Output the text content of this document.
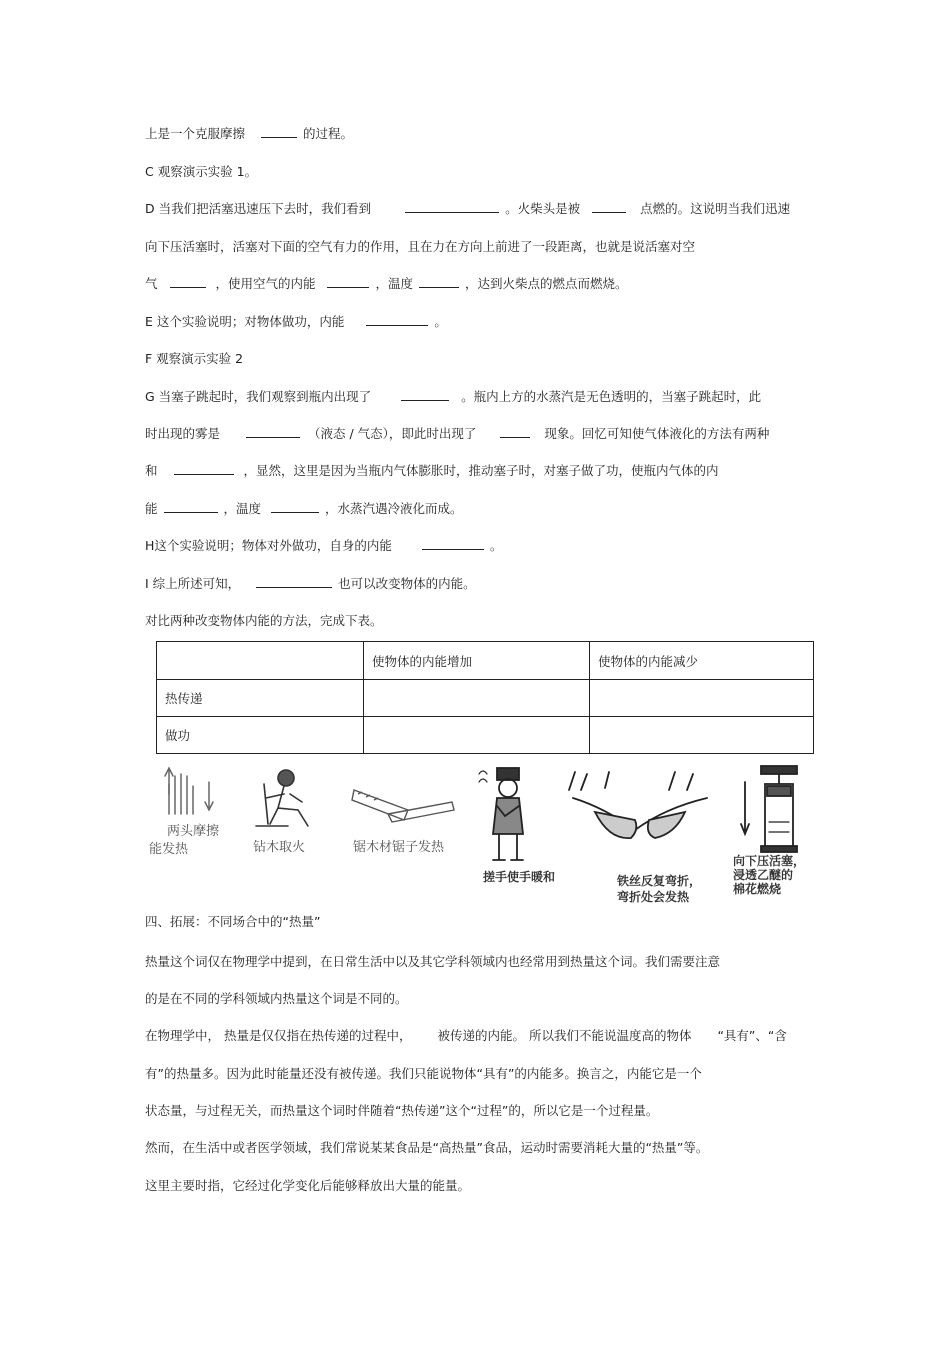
上是一个克服摩擦	的过程。
C 观察演示实验 1。
D 当我们把活塞迅速压下去时，我们看到	。火柴头是被	点燃的。这说明当我们迅速
向下压活塞时，活塞对下面的空气有力的作用，且在力在方向上前进了一段距离，也就是说活塞对空
气	，使用空气的内能	，温度	，达到火柴点的燃点而燃烧。
E 这个实验说明；对物体做功，内能	。
F 观察演示实验 2
G 当塞子跳起时，我们观察到瓶内出现了	。瓶内上方的水蒸汽是无色透明的，当塞子跳起时，此
时出现的雾是	（液态 / 气态），即此时出现了	现象。回忆可知使气体液化的方法有两种
和	，显然，这里是因为当瓶内气体膨胀时，推动塞子时，对塞子做了功，使瓶内气体的内
能	，温度	，水蒸汽遇冷液化而成。
H这个实验说明；物体对外做功，自身的内能	。
I 综上所述可知，	也可以改变物体的内能。
对比两种改变物体内能的方法，完成下表。
	使物体的内能增加	使物体的内能减少
热传递		
做功		
两头摩擦
能发热	钻木取火	锯木材锯子发热
搓手使手暖和	铁丝反复弯折，
弯折处会发热
向下压活塞，
浸透乙醚的
棉花燃烧
四、拓展：不同场合中的“热量”
热量这个词仅在物理学中提到，在日常生活中以及其它学科领域内也经常用到热量这个词。我们需要注意
的是在不同的学科领域内热量这个词是不同的。
在物理学中， 热量是仅仅指在热传递的过程中， 被传递的内能。 所以我们不能说温度高的物体 “具有”、“含
有”的热量多。因为此时能量还没有被传递。我们只能说物体“具有”的内能多。换言之，内能它是一个
状态量，与过程无关，而热量这个词时伴随着“热传递”这个“过程”的，所以它是一个过程量。
然而，在生活中或者医学领域，我们常说某某食品是“高热量”食品，运动时需要消耗大量的“热量”等。
这里主要时指，它经过化学变化后能够释放出大量的能量。
